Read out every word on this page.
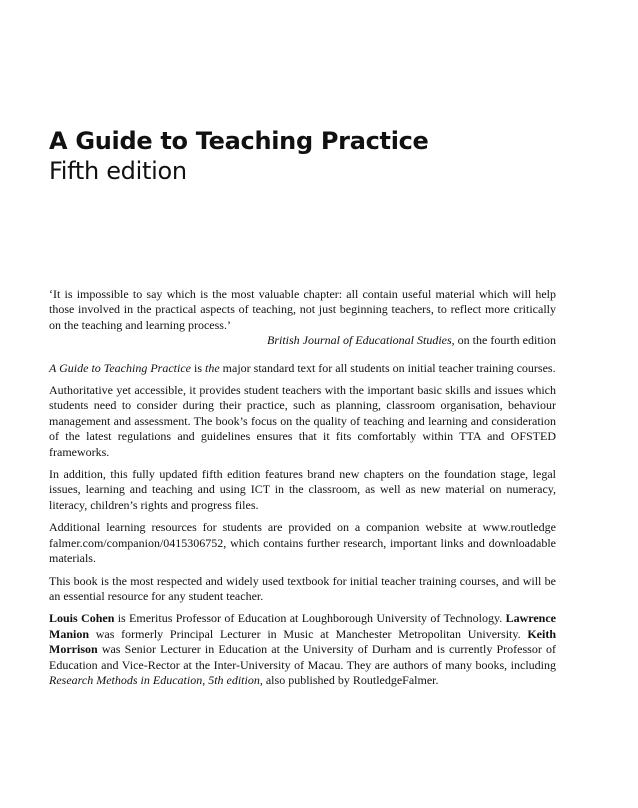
A Guide to Teaching Practice
Fifth edition

‘It is impossible to say which is the most valuable chapter: all contain useful material which will help those involved in the practical aspects of teaching, not just beginning teachers, to reflect more critically on the teaching and learning process.’

British Journal of Educational Studies, on the fourth edition

A Guide to Teaching Practice is the major standard text for all students on initial teacher training courses.

Authoritative yet accessible, it provides student teachers with the important basic skills and issues which students need to consider during their practice, such as planning, classroom organisation, behaviour management and assessment. The book’s focus on the quality of teaching and learning and consideration of the latest regulations and guidelines ensures that it fits comfortably within TTA and OFSTED frameworks.

In addition, this fully updated fifth edition features brand new chapters on the foundation stage, legal issues, learning and teaching and using ICT in the classroom, as well as new material on numeracy, literacy, children’s rights and progress files.

Additional learning resources for students are provided on a companion website at www.routledge falmer.com/companion/0415306752, which contains further research, important links and downloadable materials.

This book is the most respected and widely used textbook for initial teacher training courses, and will be an essential resource for any student teacher.

Louis Cohen is Emeritus Professor of Education at Loughborough University of Technology. Lawrence Manion was formerly Principal Lecturer in Music at Manchester Metropolitan University. Keith Morrison was Senior Lecturer in Education at the University of Durham and is currently Professor of Education and Vice-Rector at the Inter-University of Macau. They are authors of many books, including Research Methods in Education, 5th edition, also published by RoutledgeFalmer.
